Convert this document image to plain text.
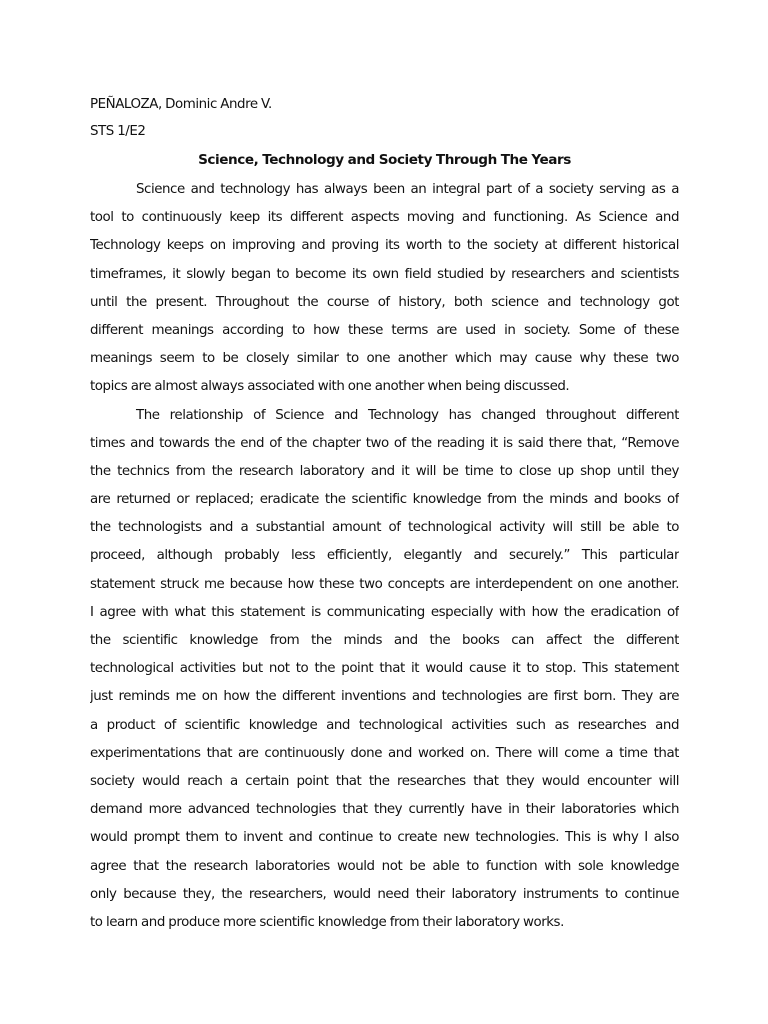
PEÑALOZA, Dominic Andre V.
STS 1/E2
Science, Technology and Society Through The Years
Science and technology has always been an integral part of a society serving as a
tool to continuously keep its different aspects moving and functioning. As Science and
Technology keeps on improving and proving its worth to the society at different historical
timeframes, it slowly began to become its own field studied by researchers and scientists
until the present. Throughout the course of history, both science and technology got
different meanings according to how these terms are used in society. Some of these
meanings seem to be closely similar to one another which may cause why these two
topics are almost always associated with one another when being discussed.
The relationship of Science and Technology has changed throughout different
times and towards the end of the chapter two of the reading it is said there that, “Remove
the technics from the research laboratory and it will be time to close up shop until they
are returned or replaced; eradicate the scientific knowledge from the minds and books of
the technologists and a substantial amount of technological activity will still be able to
proceed, although probably less efficiently, elegantly and securely.” This particular
statement struck me because how these two concepts are interdependent on one another.
I agree with what this statement is communicating especially with how the eradication of
the scientific knowledge from the minds and the books can affect the different
technological activities but not to the point that it would cause it to stop. This statement
just reminds me on how the different inventions and technologies are first born. They are
a product of scientific knowledge and technological activities such as researches and
experimentations that are continuously done and worked on. There will come a time that
society would reach a certain point that the researches that they would encounter will
demand more advanced technologies that they currently have in their laboratories which
would prompt them to invent and continue to create new technologies. This is why I also
agree that the research laboratories would not be able to function with sole knowledge
only because they, the researchers, would need their laboratory instruments to continue
to learn and produce more scientific knowledge from their laboratory works.
